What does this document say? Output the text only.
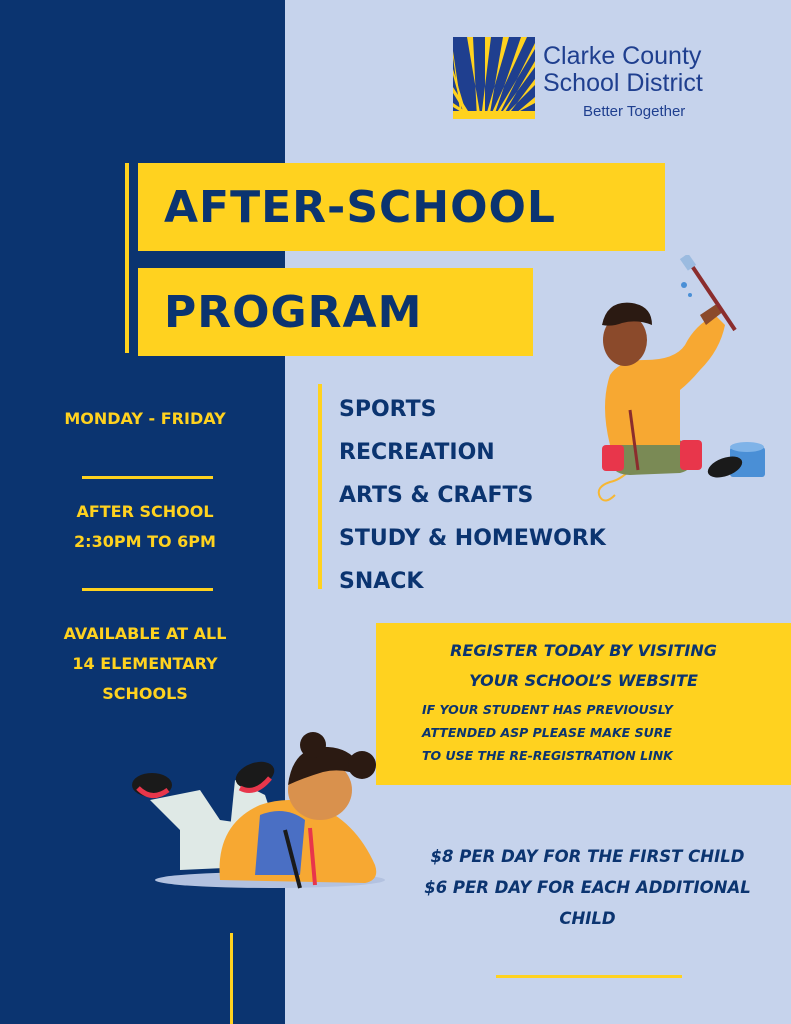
Clarke County
School District
Better Together
AFTER-SCHOOL
PROGRAM
MONDAY - FRIDAY
AFTER SCHOOL
2:30PM TO 6PM
AVAILABLE AT ALL
14 ELEMENTARY
SCHOOLS
SPORTS
RECREATION
ARTS & CRAFTS
STUDY & HOMEWORK
SNACK
REGISTER TODAY BY VISITING
YOUR SCHOOL’S WEBSITE
IF YOUR STUDENT HAS PREVIOUSLY
ATTENDED ASP PLEASE MAKE SURE
TO USE THE RE-REGISTRATION LINK
$8 PER DAY FOR THE FIRST CHILD
$6 PER DAY FOR EACH ADDITIONAL
CHILD
